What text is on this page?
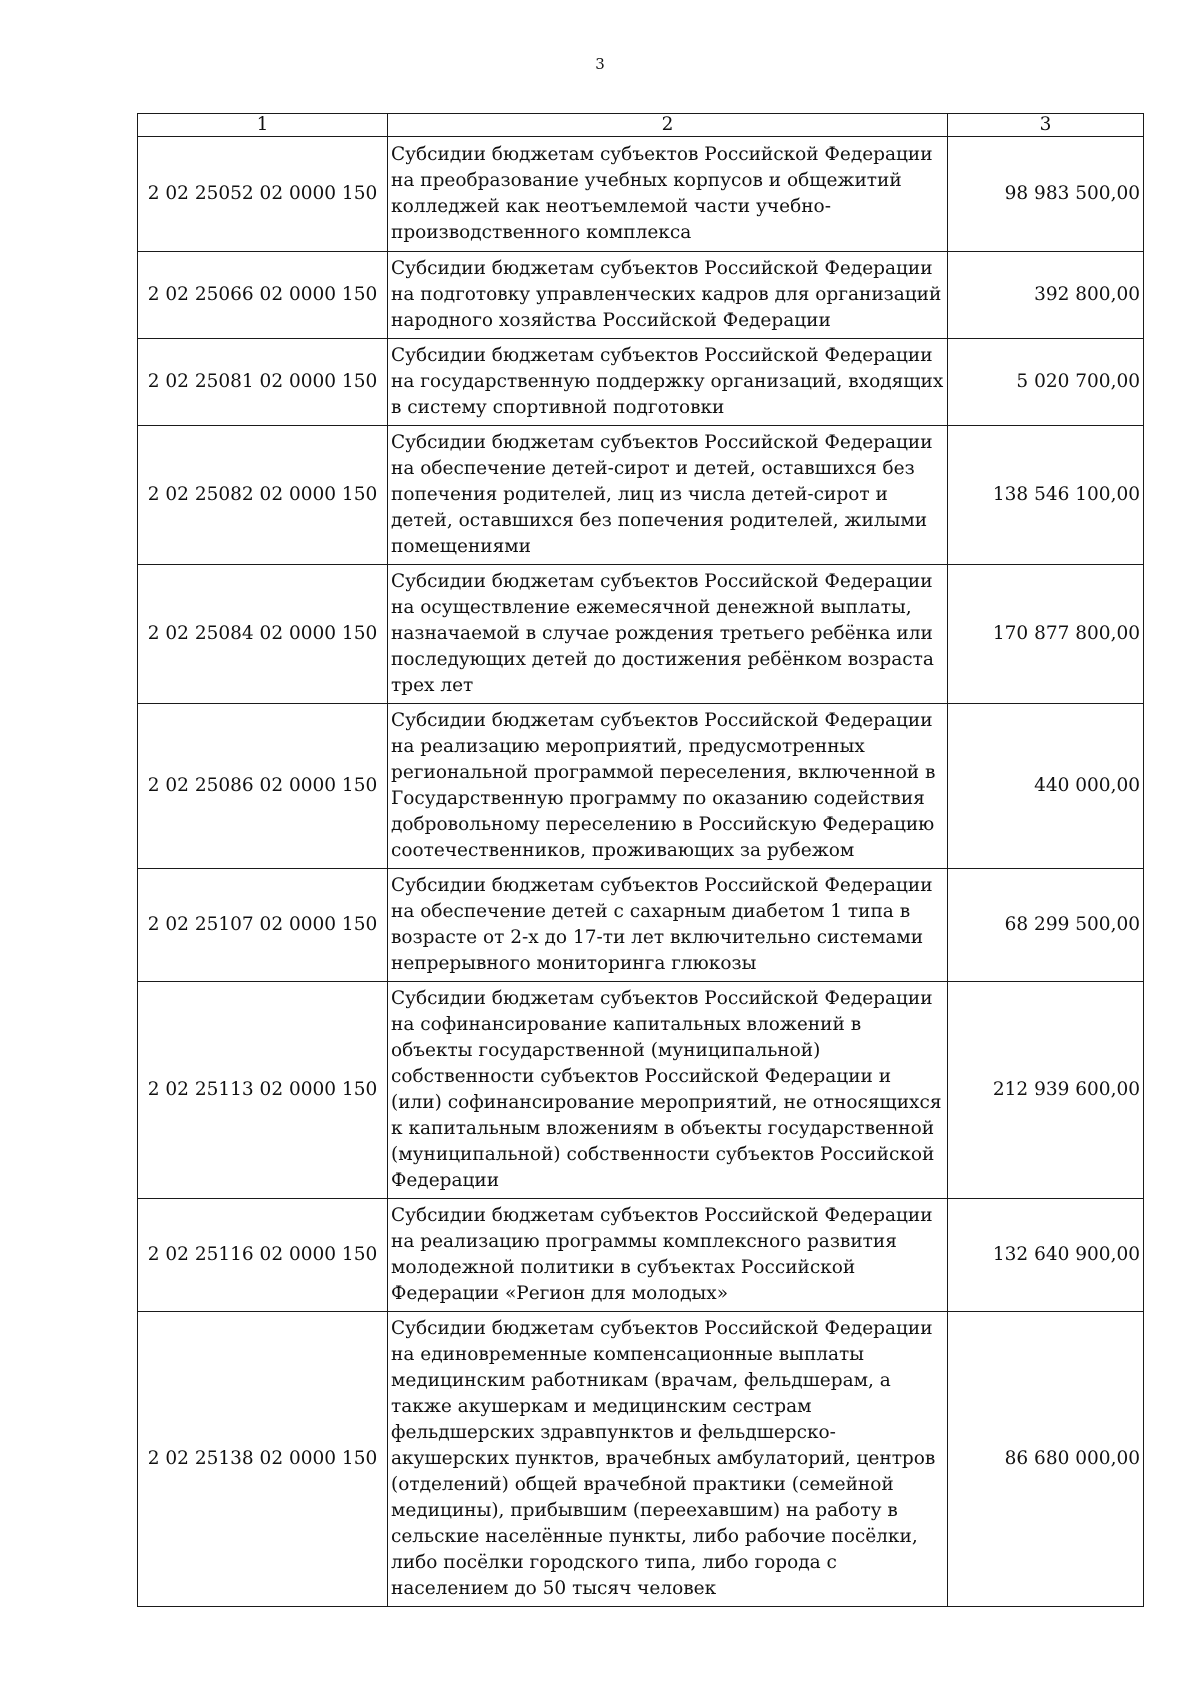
3
1	2	3
2 02 25052 02 0000 150	Субсидии бюджетам субъектов Российской Федерации на преобразование учебных корпусов и общежитий колледжей как неотъемлемой части учебно-производственного комплекса	98 983 500,00
2 02 25066 02 0000 150	Субсидии бюджетам субъектов Российской Федерации на подготовку управленческих кадров для организаций народного хозяйства Российской Федерации	392 800,00
2 02 25081 02 0000 150	Субсидии бюджетам субъектов Российской Федерации на государственную поддержку организаций, входящих в систему спортивной подготовки	5 020 700,00
2 02 25082 02 0000 150	Субсидии бюджетам субъектов Российской Федерации на обеспечение детей-сирот и детей, оставшихся без попечения родителей, лиц из числа детей-сирот и детей, оставшихся без попечения родителей, жилыми помещениями	138 546 100,00
2 02 25084 02 0000 150	Субсидии бюджетам субъектов Российской Федерации на осуществление ежемесячной денежной выплаты, назначаемой в случае рождения третьего ребёнка или последующих детей до достижения ребёнком возраста трех лет	170 877 800,00
2 02 25086 02 0000 150	Субсидии бюджетам субъектов Российской Федерации на реализацию мероприятий, предусмотренных региональной программой переселения, включенной в Государственную программу по оказанию содействия добровольному переселению в Российскую Федерацию соотечественников, проживающих за рубежом	440 000,00
2 02 25107 02 0000 150	Субсидии бюджетам субъектов Российской Федерации на обеспечение детей с сахарным диабетом 1 типа в возрасте от 2-х до 17-ти лет включительно системами непрерывного мониторинга глюкозы	68 299 500,00
2 02 25113 02 0000 150	Субсидии бюджетам субъектов Российской Федерации на софинансирование капитальных вложений в объекты государственной (муниципальной) собственности субъектов Российской Федерации и (или) софинансирование мероприятий, не относящихся к капитальным вложениям в объекты государственной (муниципальной) собственности субъектов Российской Федерации	212 939 600,00
2 02 25116 02 0000 150	Субсидии бюджетам субъектов Российской Федерации на реализацию программы комплексного развития молодежной политики в субъектах Российской Федерации «Регион для молодых»	132 640 900,00
2 02 25138 02 0000 150	Субсидии бюджетам субъектов Российской Федерации на единовременные компенсационные выплаты медицинским работникам (врачам, фельдшерам, а также акушеркам и медицинским сестрам фельдшерских здравпунктов и фельдшерско-акушерских пунктов, врачебных амбулаторий, центров (отделений) общей врачебной практики (семейной медицины), прибывшим (переехавшим) на работу в сельские населённые пункты, либо рабочие посёлки, либо посёлки городского типа, либо города с населением до 50 тысяч человек	86 680 000,00
